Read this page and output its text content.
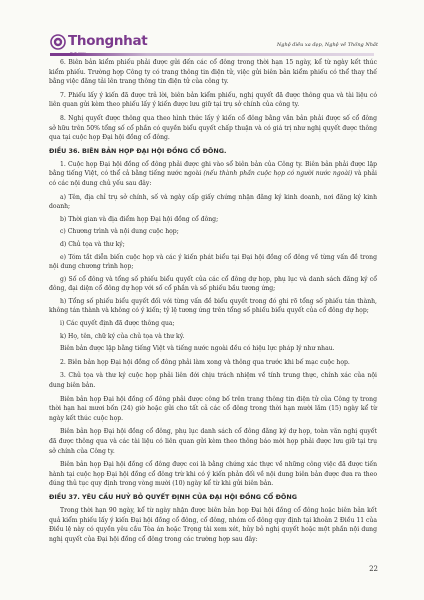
Thongnhat	Nghệ điều xa đẹp, Nghệ về Thống Nhất

6. Biên bản kiểm phiếu phải được gửi đến các cổ đông trong thời hạn 15 ngày, kể từ ngày kết thúc kiểm phiếu. Trường hợp Công ty có trang thông tin điện tử, việc gửi biên bản kiểm phiếu có thể thay thế bằng việc đăng tải lên trang thông tin điện tử của công ty.

7. Phiếu lấy ý kiến đã được trả lời, biên bản kiểm phiếu, nghị quyết đã được thông qua và tài liệu có liên quan gửi kèm theo phiếu lấy ý kiến được lưu giữ tại trụ sở chính của công ty.

8. Nghị quyết được thông qua theo hình thức lấy ý kiến cổ đông bằng văn bản phải được số cổ đông sở hữu trên 50% tổng số cổ phần có quyền biểu quyết chấp thuận và có giá trị như nghị quyết được thông qua tại cuộc họp Đại hội đồng cổ đông.

ĐIỀU 36. BIÊN BẢN HỌP ĐẠI HỘI ĐỒNG CỔ ĐÔNG.

1. Cuộc họp Đại hội đồng cổ đông phải được ghi vào sổ biên bản của Công ty. Biên bản phải được lập bằng tiếng Việt, có thể cả bằng tiếng nước ngoài (nếu thành phần cuộc họp có người nước ngoài) và phải có các nội dung chủ yếu sau đây:

a) Tên, địa chỉ trụ sở chính, số và ngày cấp giấy chứng nhận đăng ký kinh doanh, nơi đăng ký kinh doanh;

b) Thời gian và địa điểm họp Đại hội đồng cổ đông;

c) Chương trình và nội dung cuộc họp;

d) Chủ tọa và thư ký;

e) Tóm tắt diễn biến cuộc họp và các ý kiến phát biểu tại Đại hội đồng cổ đông về từng vấn đề trong nội dung chương trình họp;

g) Số cổ đông và tổng số phiếu biểu quyết của các cổ đông dự họp, phụ lục và danh sách đăng ký cổ đông, đại diện cổ đông dự họp với số cổ phần và số phiếu bầu tương ứng;

h) Tổng số phiếu biểu quyết đối với từng vấn đề biểu quyết trong đó ghi rõ tổng số phiếu tán thành, không tán thành và không có ý kiến; tỷ lệ tương ứng trên tổng số phiếu biểu quyết của cổ đông dự họp;

i) Các quyết định đã được thông qua;

k) Họ, tên, chữ ký của chủ tọa và thư ký.

Biên bản được lập bằng tiếng Việt và tiếng nước ngoài đều có hiệu lực pháp lý như nhau.

2. Biên bản họp Đại hội đồng cổ đông phải làm xong và thông qua trước khi bế mạc cuộc họp.

3. Chủ tọa và thư ký cuộc họp phải liên đới chịu trách nhiệm về tính trung thực, chính xác của nội dung biên bản.

Biên bản họp Đại hội đồng cổ đông phải được công bố trên trang thông tin điện tử của Công ty trong thời hạn hai mươi bốn (24) giờ hoặc gửi cho tất cả các cổ đông trong thời hạn mười lăm (15) ngày kể từ ngày kết thúc cuộc họp.

Biên bản họp Đại hội đồng cổ đông, phụ lục danh sách cổ đông đăng ký dự họp, toàn văn nghị quyết đã được thông qua và các tài liệu có liên quan gửi kèm theo thông báo mời họp phải được lưu giữ tại trụ sở chính của Công ty.

Biên bản họp Đại hội đồng cổ đông được coi là bằng chứng xác thực về những công việc đã được tiến hành tại cuộc họp Đại hội đồng cổ đông trừ khi có ý kiến phản đối về nội dung biên bản được đưa ra theo đúng thủ tục quy định trong vòng mười (10) ngày kể từ khi gửi biên bản.

ĐIỀU 37. YÊU CẦU HUỶ BỎ QUYẾT ĐỊNH CỦA ĐẠI HỘI ĐỒNG CỔ ĐÔNG

Trong thời hạn 90 ngày, kể từ ngày nhận được biên bản họp Đại hội đồng cổ đông hoặc biên bản kết quả kiểm phiếu lấy ý kiến Đại hội đồng cổ đông, cổ đông, nhóm cổ đông quy định tại khoản 2 Điều 11 của Điều lệ này có quyền yêu cầu Tòa án hoặc Trọng tài xem xét, hủy bỏ nghị quyết hoặc một phần nội dung nghị quyết của Đại hội đồng cổ đông trong các trường hợp sau đây:

22
